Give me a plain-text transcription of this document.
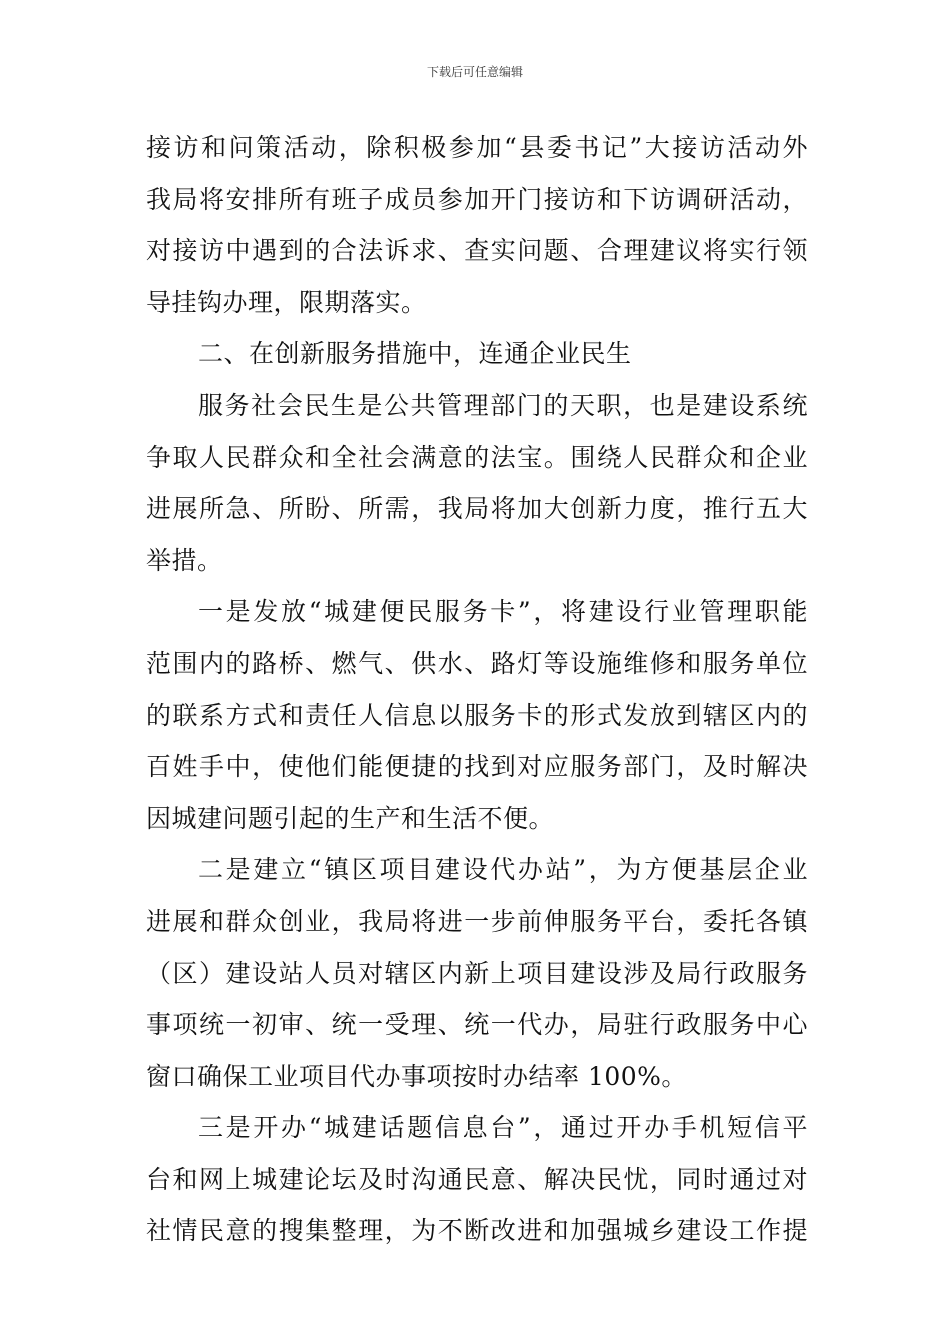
下载后可任意编辑
接访和问策活动，除积极参加“县委书记”大接访活动外
我局将安排所有班子成员参加开门接访和下访调研活动，
对接访中遇到的合法诉求、查实问题、合理建议将实行领
导挂钩办理，限期落实。
二、在创新服务措施中，连通企业民生
服务社会民生是公共管理部门的天职，也是建设系统
争取人民群众和全社会满意的法宝。围绕人民群众和企业
进展所急、所盼、所需，我局将加大创新力度，推行五大
举措。
一是发放“城建便民服务卡”，将建设行业管理职能
范围内的路桥、燃气、供水、路灯等设施维修和服务单位
的联系方式和责任人信息以服务卡的形式发放到辖区内的
百姓手中，使他们能便捷的找到对应服务部门，及时解决
因城建问题引起的生产和生活不便。
二是建立“镇区项目建设代办站”，为方便基层企业
进展和群众创业，我局将进一步前伸服务平台，委托各镇
（区）建设站人员对辖区内新上项目建设涉及局行政服务
事项统一初审、统一受理、统一代办，局驻行政服务中心
窗口确保工业项目代办事项按时办结率 100%。
三是开办“城建话题信息台”，通过开办手机短信平
台和网上城建论坛及时沟通民意、解决民忧，同时通过对
社情民意的搜集整理，为不断改进和加强城乡建设工作提
